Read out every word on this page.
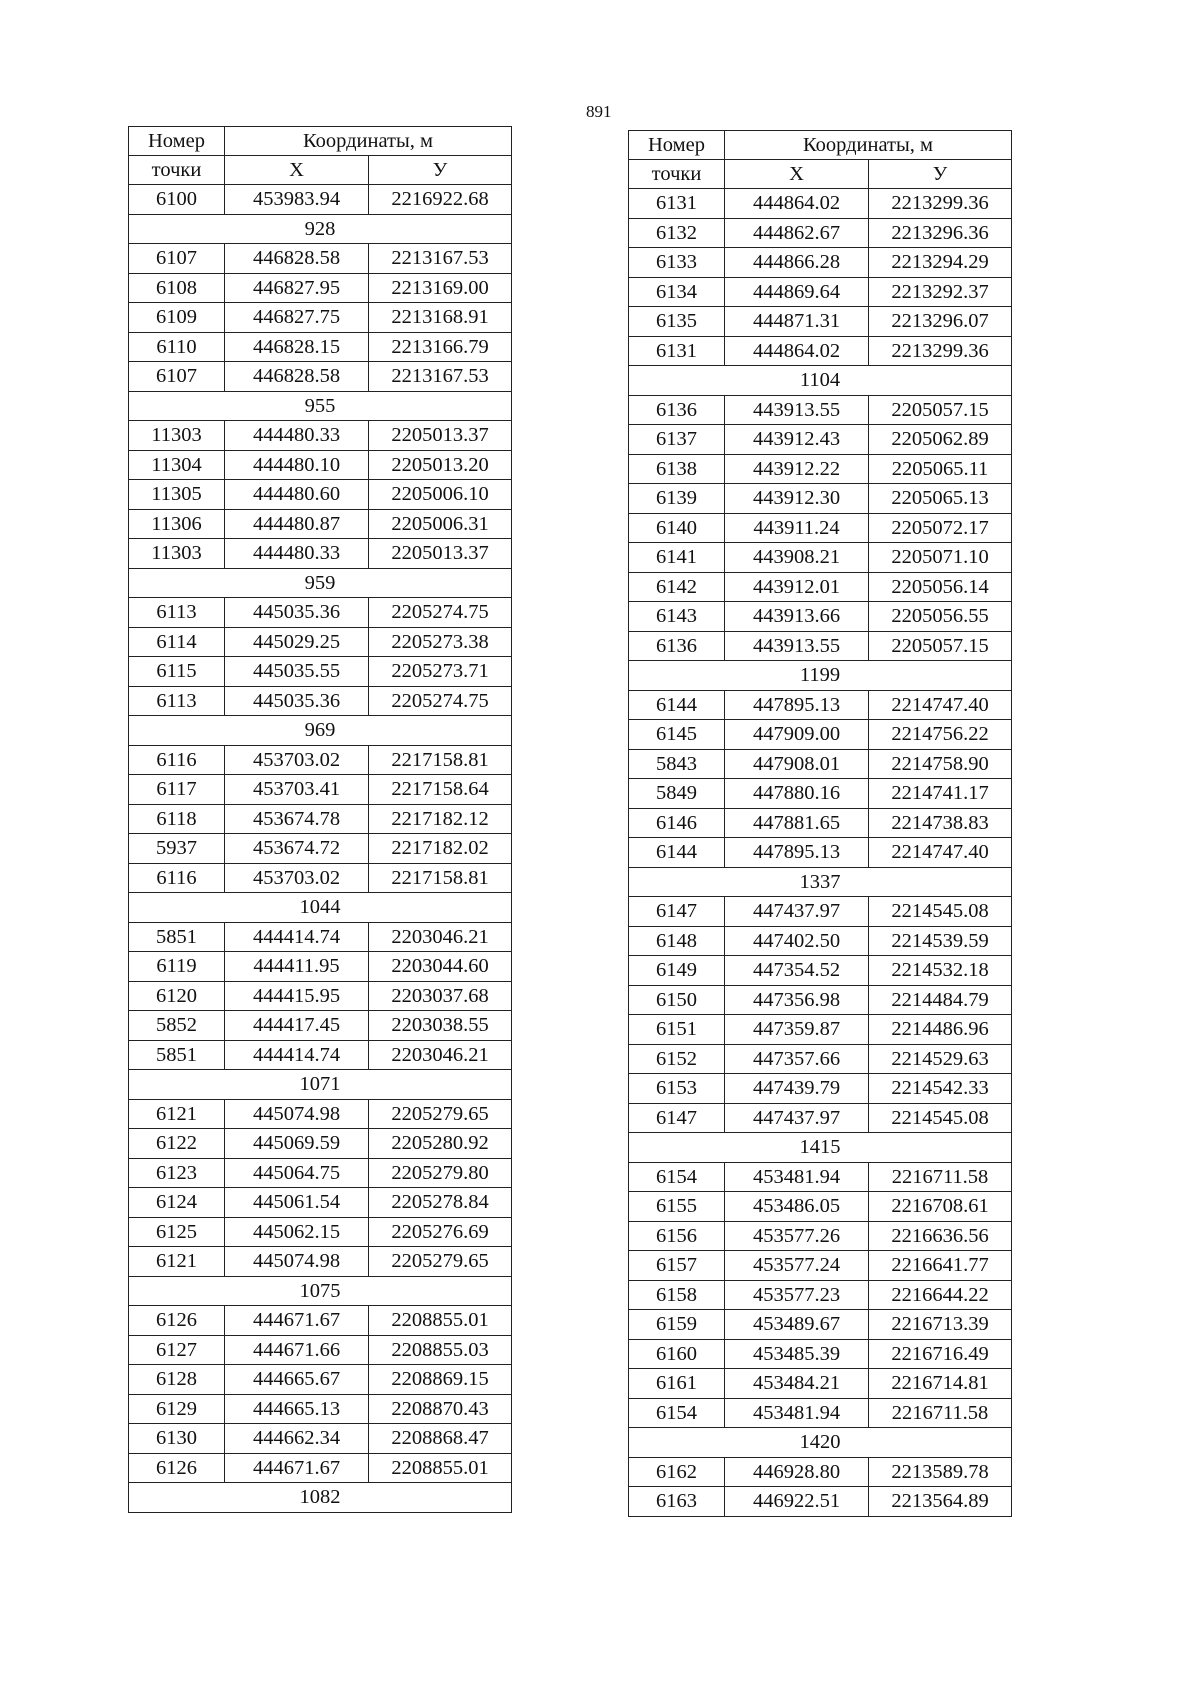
891
Номер	Координаты, м	
точки	X	У
6100	453983.94	2216922.68
928		
6107	446828.58	2213167.53
6108	446827.95	2213169.00
6109	446827.75	2213168.91
6110	446828.15	2213166.79
6107	446828.58	2213167.53
955		
11303	444480.33	2205013.37
11304	444480.10	2205013.20
11305	444480.60	2205006.10
11306	444480.87	2205006.31
11303	444480.33	2205013.37
959		
6113	445035.36	2205274.75
6114	445029.25	2205273.38
6115	445035.55	2205273.71
6113	445035.36	2205274.75
969		
6116	453703.02	2217158.81
6117	453703.41	2217158.64
6118	453674.78	2217182.12
5937	453674.72	2217182.02
6116	453703.02	2217158.81
1044		
5851	444414.74	2203046.21
6119	444411.95	2203044.60
6120	444415.95	2203037.68
5852	444417.45	2203038.55
5851	444414.74	2203046.21
1071		
6121	445074.98	2205279.65
6122	445069.59	2205280.92
6123	445064.75	2205279.80
6124	445061.54	2205278.84
6125	445062.15	2205276.69
6121	445074.98	2205279.65
1075		
6126	444671.67	2208855.01
6127	444671.66	2208855.03
6128	444665.67	2208869.15
6129	444665.13	2208870.43
6130	444662.34	2208868.47
6126	444671.67	2208855.01
1082		
Номер	Координаты, м	
точки	X	У
6131	444864.02	2213299.36
6132	444862.67	2213296.36
6133	444866.28	2213294.29
6134	444869.64	2213292.37
6135	444871.31	2213296.07
6131	444864.02	2213299.36
1104		
6136	443913.55	2205057.15
6137	443912.43	2205062.89
6138	443912.22	2205065.11
6139	443912.30	2205065.13
6140	443911.24	2205072.17
6141	443908.21	2205071.10
6142	443912.01	2205056.14
6143	443913.66	2205056.55
6136	443913.55	2205057.15
1199		
6144	447895.13	2214747.40
6145	447909.00	2214756.22
5843	447908.01	2214758.90
5849	447880.16	2214741.17
6146	447881.65	2214738.83
6144	447895.13	2214747.40
1337		
6147	447437.97	2214545.08
6148	447402.50	2214539.59
6149	447354.52	2214532.18
6150	447356.98	2214484.79
6151	447359.87	2214486.96
6152	447357.66	2214529.63
6153	447439.79	2214542.33
6147	447437.97	2214545.08
1415		
6154	453481.94	2216711.58
6155	453486.05	2216708.61
6156	453577.26	2216636.56
6157	453577.24	2216641.77
6158	453577.23	2216644.22
6159	453489.67	2216713.39
6160	453485.39	2216716.49
6161	453484.21	2216714.81
6154	453481.94	2216711.58
1420		
6162	446928.80	2213589.78
6163	446922.51	2213564.89
